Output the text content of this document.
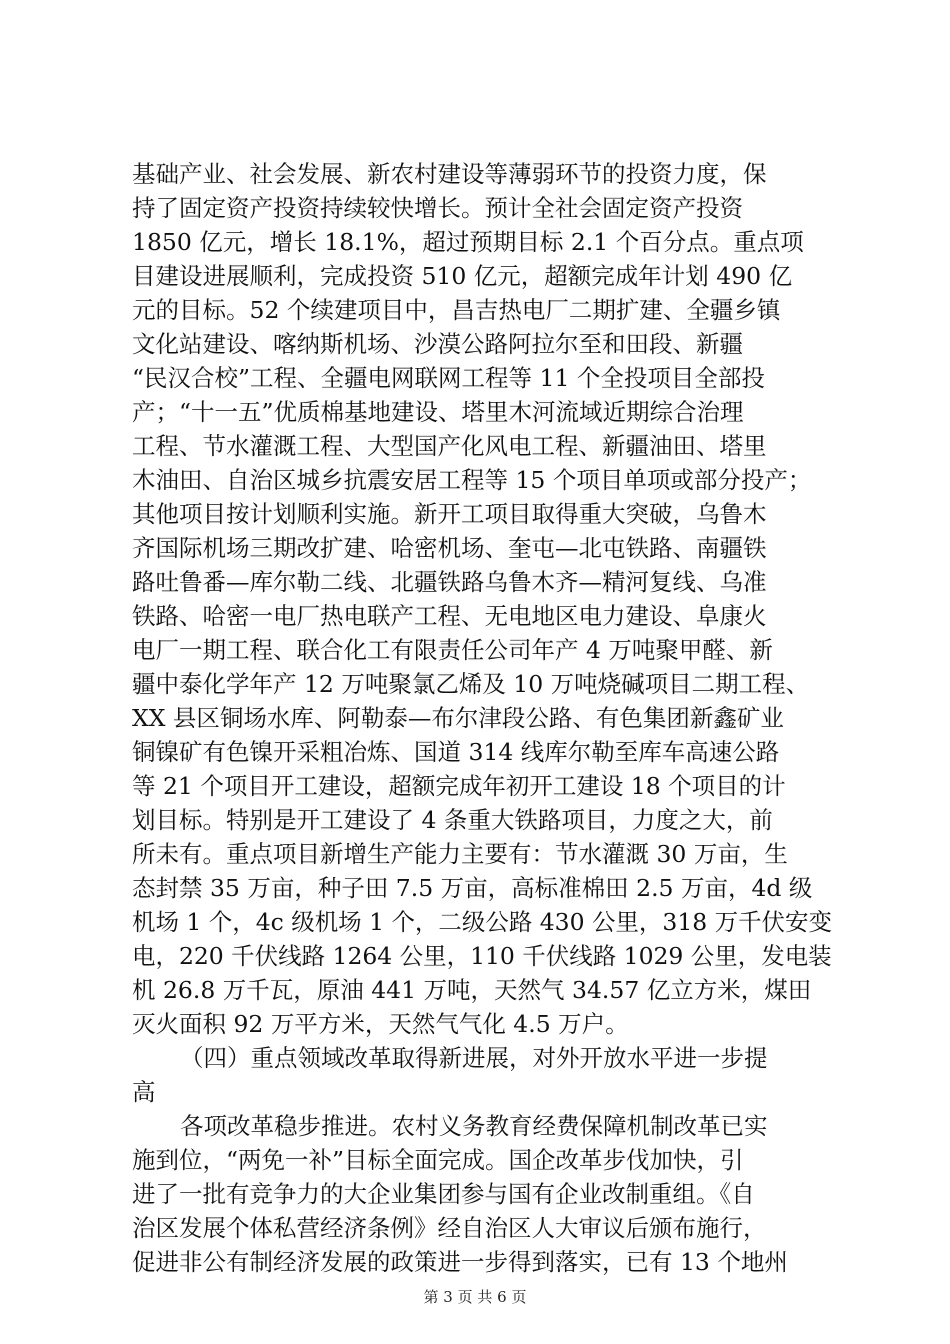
基础产业、社会发展、新农村建设等薄弱环节的投资力度，保
持了固定资产投资持续较快增长。预计全社会固定资产投资
1850 亿元，增长 18.1%，超过预期目标 2.1 个百分点。重点项
目建设进展顺利，完成投资 510 亿元，超额完成年计划 490 亿
元的目标。52 个续建项目中，昌吉热电厂二期扩建、全疆乡镇
文化站建设、喀纳斯机场、沙漠公路阿拉尔至和田段、新疆
“民汉合校”工程、全疆电网联网工程等 11 个全投项目全部投
产；“十一五”优质棉基地建设、塔里木河流域近期综合治理
工程、节水灌溉工程、大型国产化风电工程、新疆油田、塔里
木油田、自治区城乡抗震安居工程等 15 个项目单项或部分投产；
其他项目按计划顺利实施。新开工项目取得重大突破，乌鲁木
齐国际机场三期改扩建、哈密机场、奎屯—北屯铁路、南疆铁
路吐鲁番—库尔勒二线、北疆铁路乌鲁木齐—精河复线、乌准
铁路、哈密一电厂热电联产工程、无电地区电力建设、阜康火
电厂一期工程、联合化工有限责任公司年产 4 万吨聚甲醛、新
疆中泰化学年产 12 万吨聚氯乙烯及 10 万吨烧碱项目二期工程、
XX 县区铜场水库、阿勒泰—布尔津段公路、有色集团新鑫矿业
铜镍矿有色镍开采粗冶炼、国道 314 线库尔勒至库车高速公路
等 21 个项目开工建设，超额完成年初开工建设 18 个项目的计
划目标。特别是开工建设了 4 条重大铁路项目，力度之大，前
所未有。重点项目新增生产能力主要有：节水灌溉 30 万亩，生
态封禁 35 万亩，种子田 7.5 万亩，高标准棉田 2.5 万亩，4d 级
机场 1 个，4c 级机场 1 个，二级公路 430 公里，318 万千伏安变
电，220 千伏线路 1264 公里，110 千伏线路 1029 公里，发电装
机 26.8 万千瓦，原油 441 万吨，天然气 34.57 亿立方米，煤田
灭火面积 92 万平方米，天然气气化 4.5 万户。
（四）重点领域改革取得新进展，对外开放水平进一步提
高
各项改革稳步推进。农村义务教育经费保障机制改革已实
施到位，“两免一补”目标全面完成。国企改革步伐加快，引
进了一批有竞争力的大企业集团参与国有企业改制重组。《自
治区发展个体私营经济条例》经自治区人大审议后颁布施行，
促进非公有制经济发展的政策进一步得到落实，已有 13 个地州
第 3 页 共 6 页
